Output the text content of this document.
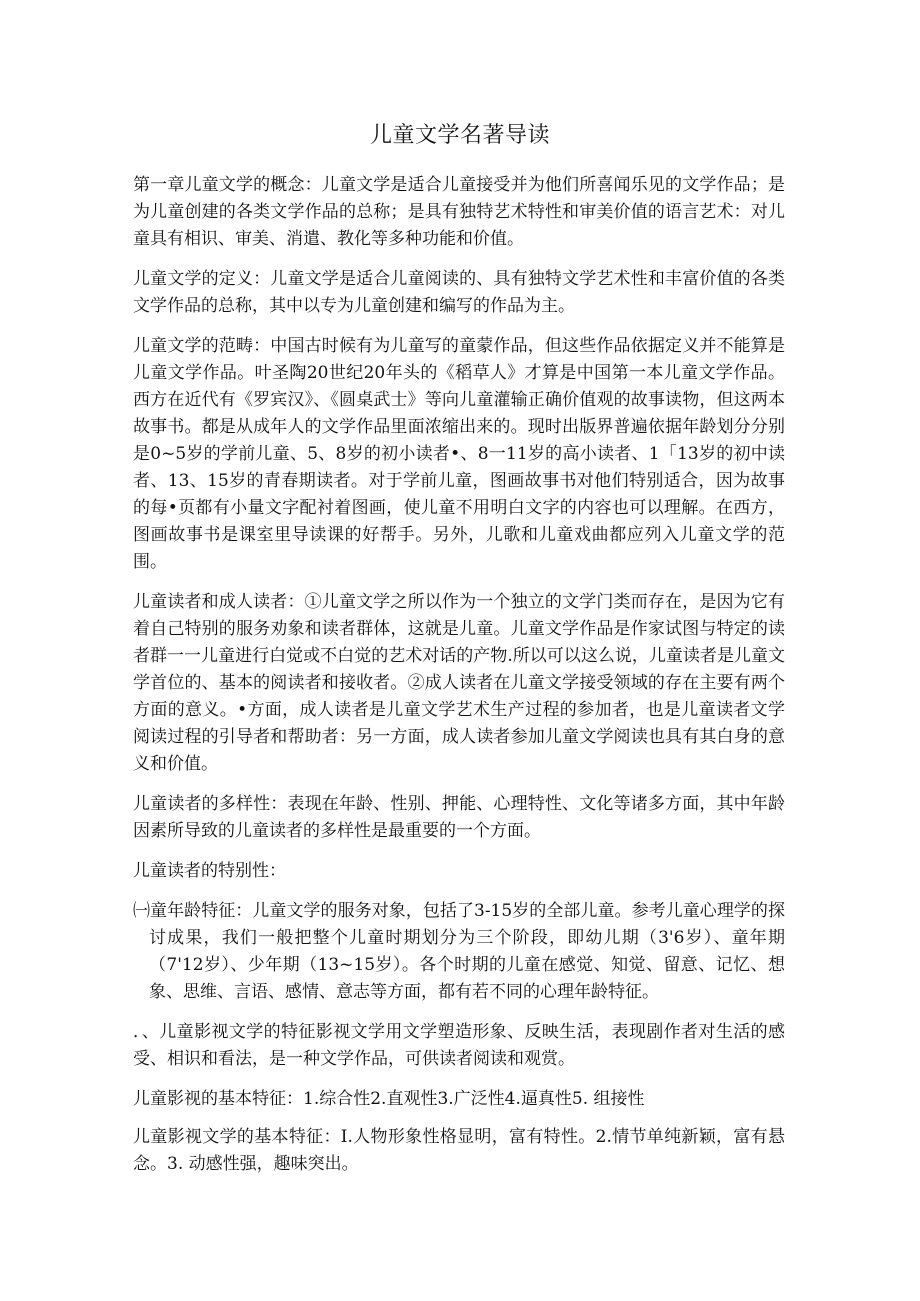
儿童文学名著导读

第一章儿童文学的概念：儿童文学是适合儿童接受并为他们所喜闻乐见的文学作品；是为儿童创建的各类文学作品的总称；是具有独特艺术特性和审美价值的语言艺术：对儿童具有相识、审美、消遣、教化等多种功能和价值。

儿童文学的定义：儿童文学是适合儿童阅读的、具有独特文学艺术性和丰富价值的各类文学作品的总称，其中以专为儿童创建和编写的作品为主。

儿童文学的范畴：中国古时候有为儿童写的童蒙作品，但这些作品依据定义并不能算是儿童文学作品。叶圣陶20世纪20年头的《稻草人》才算是中国第一本儿童文学作品。西方在近代有《罗宾汉》、《圆桌武士》等向儿童灌输正确价值观的故事读物，但这两本故事书。都是从成年人的文学作品里面浓缩出来的。现时出版界普遍依据年龄划分分别是0~5岁的学前儿童、5、8岁的初小读者•、8一11岁的高小读者、1「13岁的初中读者、13、15岁的青春期读者。对于学前儿童，图画故事书对他们特别适合，因为故事的每•页都有小量文字配衬着图画，使儿童不用明白文字的内容也可以理解。在西方，图画故事书是课室里导读课的好帮手。另外，儿歌和儿童戏曲都应列入儿童文学的范围。

儿童读者和成人读者：①儿童文学之所以作为一个独立的文学门类而存在，是因为它有着自己特别的服务劝象和读者群体，这就是儿童。儿童文学作品是作家试图与特定的读者群一一儿童进行白觉或不白觉的艺术对话的产物.所以可以这么说，儿童读者是儿童文学首位的、基本的阅读者和接收者。②成人读者在儿童文学接受领域的存在主要有两个方面的意义。•方面，成人读者是儿童文学艺术生产过程的参加者，也是儿童读者文学阅读过程的引导者和帮助者：另一方面，成人读者参加儿童文学阅读也具有其白身的意义和价值。

儿童读者的多样性：表现在年龄、性别、押能、心理特性、文化等诸多方面，其中年龄因素所导致的儿童读者的多样性是最重要的一个方面。

儿童读者的特别性：

㈠童年龄特征：儿童文学的服务对象，包括了3-15岁的全部儿童。参考儿童心理学的探讨成果，我们一般把整个儿童时期划分为三个阶段，即幼儿期（3'6岁）、童年期（7'12岁）、少年期（13~15岁）。各个时期的儿童在感觉、知觉、留意、记忆、想象、思维、言语、感情、意志等方面，都有若不同的心理年龄特征。

．、儿童影视文学的特征影视文学用文学塑造形象、反映生活，表现剧作者对生活的感受、相识和看法，是一种文学作品，可供读者阅读和观赏。

儿童影视的基本特征：1.综合性2.直观性3.广泛性4.逼真性5. 组接性

儿童影视文学的基本特征：I.人物形象性格显明，富有特性。2.情节单纯新颖，富有悬念。3. 动感性强，趣味突出。
